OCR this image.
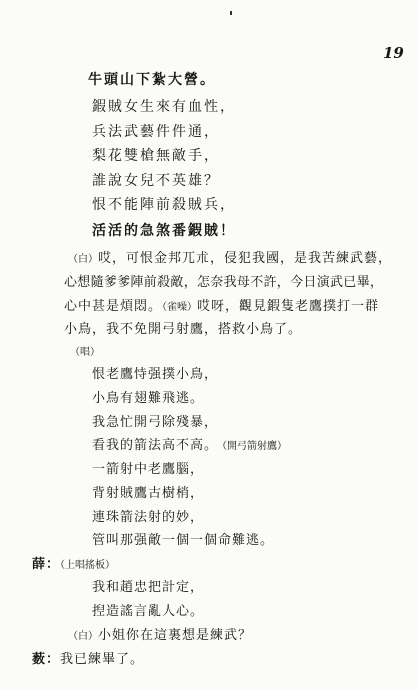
19
牛頭山下紮大營。
鍜賊女生來有血性，
兵法武藝件件通，
梨花雙槍無敵手，
誰說女兒不英雄？
恨不能陣前殺賊兵，
活活的急煞番鍜賊！
（白）哎，可恨金邦兀朮，侵犯我國，是我苦練武藝，
心想隨爹爹陣前殺敵，怎奈我母不許，今日演武已畢，
心中甚是煩悶。（雀噪）哎呀，觀見鍜隻老鷹撲打一群
小鳥，我不免開弓射鷹，搭救小鳥了。
（唱）
恨老鷹恃强撲小鳥，
小鳥有翅難飛逃。
我急忙開弓除殘暴，
看我的箭法高不高。 （開弓箭射鷹）
一箭射中老鷹腦，
背射賊鷹古樹梢，
連珠箭法射的妙，
管叫那强敵一個一個命難逃。
薛：（上唱搖板）
我和趙忠把計定，
揑造謠言亂人心。
（白）小姐你在這裏想是練武？
薮：我已練畢了。
